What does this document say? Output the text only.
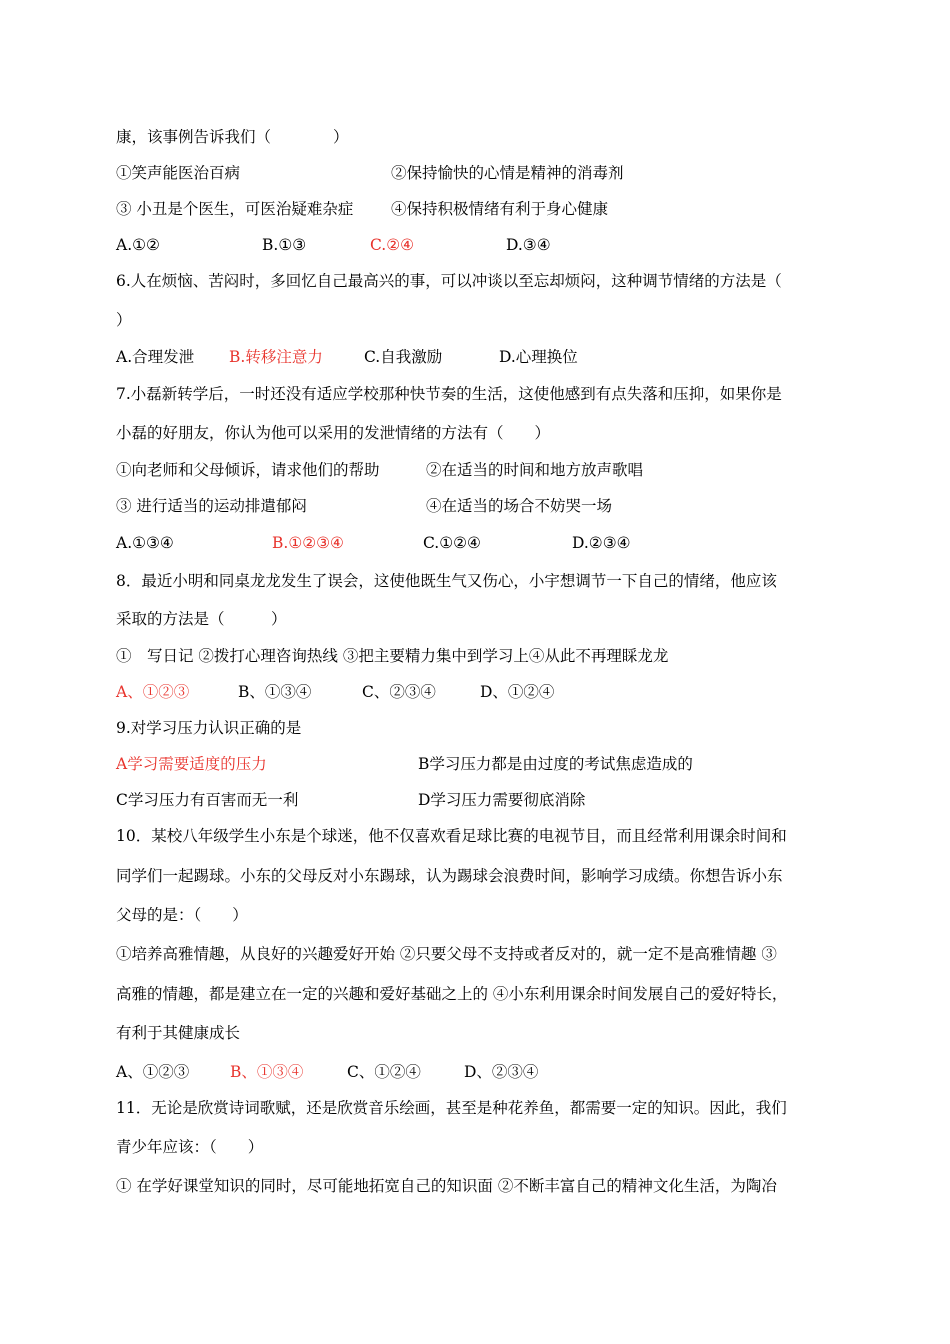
康，该事例告诉我们（　　　　）
①笑声能医治百病	②保持愉快的心情是精神的消毒剂
③ 小丑是个医生，可医治疑难杂症 ④保持积极情绪有利于身心健康
A.①②	B.①③	C.②④	D.③④
6.人在烦恼、苦闷时，多回忆自己最高兴的事，可以冲谈以至忘却烦闷，这种调节情绪的方法是（
）
A.合理发泄 B.转移注意力	C.自我激励	D.心理换位
7.小磊新转学后，一时还没有适应学校那种快节奏的生活，这使他感到有点失落和压抑，如果你是
小磊的好朋友，你认为他可以采用的发泄情绪的方法有（　　）
①向老师和父母倾诉，请求他们的帮助	②在适当的时间和地方放声歌唱
③ 进行适当的运动排遣郁闷	④在适当的场合不妨哭一场
A.①③④	B.①②③④	C.①②④	D.②③④
8．最近小明和同桌龙龙发生了误会，这使他既生气又伤心，小宇想调节一下自己的情绪，他应该
采取的方法是（　　　）
①　写日记 ②拨打心理咨询热线 ③把主要精力集中到学习上④从此不再理睬龙龙
A、①②③	B、①③④	C、②③④	D、①②④
9.对学习压力认识正确的是
A学习需要适度的压力	B学习压力都是由过度的考试焦虑造成的
C学习压力有百害而无一利	D学习压力需要彻底消除
10．某校八年级学生小东是个球迷，他不仅喜欢看足球比赛的电视节目，而且经常利用课余时间和
同学们一起踢球。小东的父母反对小东踢球，认为踢球会浪费时间，影响学习成绩。你想告诉小东
父母的是：（　　）
①培养高雅情趣，从良好的兴趣爱好开始 ②只要父母不支持或者反对的，就一定不是高雅情趣 ③
高雅的情趣，都是建立在一定的兴趣和爱好基础之上的 ④小东利用课余时间发展自己的爱好特长，
有利于其健康成长
A、①②③	B、①③④	C、①②④	D、②③④
11．无论是欣赏诗词歌赋，还是欣赏音乐绘画，甚至是种花养鱼，都需要一定的知识。因此，我们
青少年应该：（　　）
① 在学好课堂知识的同时，尽可能地拓宽自己的知识面 ②不断丰富自己的精神文化生活，为陶冶
